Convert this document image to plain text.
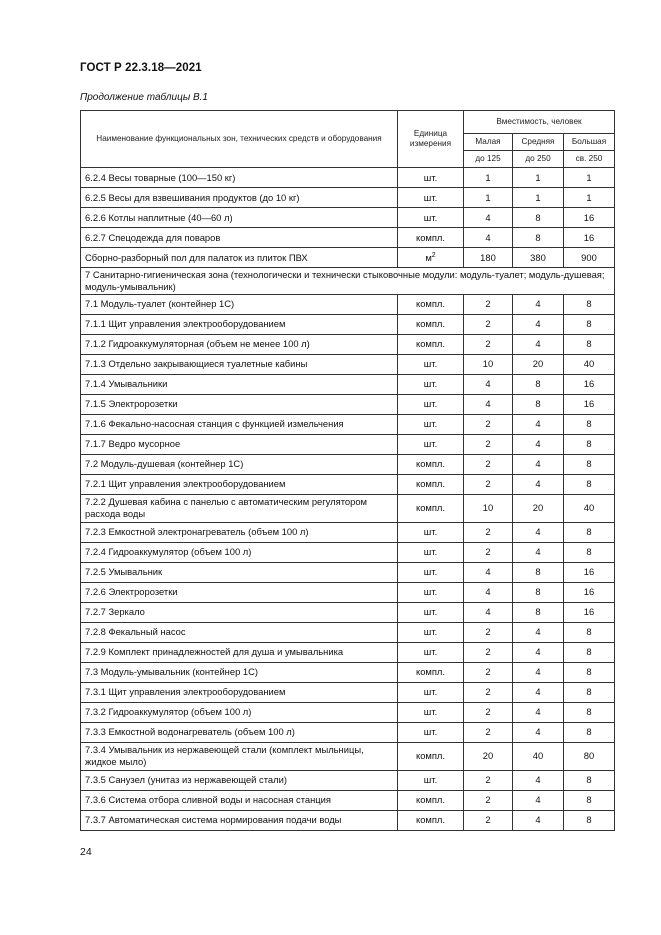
ГОСТ Р 22.3.18—2021
Продолжение таблицы В.1
Наименование функциональных зон, технических средств и оборудования	Единица измерения	Вместимость, человек		
		Малая	Средняя	Большая
		до 125	до 250	св. 250
6.2.4 Весы товарные (100—150 кг)	шт.	1	1	1
6.2.5 Весы для взвешивания продуктов (до 10 кг)	шт.	1	1	1
6.2.6 Котлы наплитные (40—60 л)	шт.	4	8	16
6.2.7 Спецодежда для поваров	компл.	4	8	16
Сборно-разборный пол для палаток из плиток ПВХ	$м^2$	180	380	900
7 Санитарно-гигиеническая зона (технологически и технически стыковочные модули: модуль-туалет; модуль-душевая; модуль-умывальник)				
7.1 Модуль-туалет (контейнер 1С)	компл.	2	4	8
7.1.1 Щит управления электрооборудованием	компл.	2	4	8
7.1.2 Гидроаккумуляторная (объем не менее 100 л)	компл.	2	4	8
7.1.3 Отдельно закрывающиеся туалетные кабины	шт.	10	20	40
7.1.4 Умывальники	шт.	4	8	16
7.1.5 Электророзетки	шт.	4	8	16
7.1.6 Фекально-насосная станция с функцией измельчения	шт.	2	4	8
7.1.7 Ведро мусорное	шт.	2	4	8
7.2 Модуль-душевая (контейнер 1С)	компл.	2	4	8
7.2.1 Щит управления электрооборудованием	компл.	2	4	8
7.2.2 Душевая кабина с панелью с автоматическим регулятором расхода воды	компл.	10	20	40
7.2.3 Емкостной электронагреватель (объем 100 л)	шт.	2	4	8
7.2.4 Гидроаккумулятор (объем 100 л)	шт.	2	4	8
7.2.5 Умывальник	шт.	4	8	16
7.2.6 Электророзетки	шт.	4	8	16
7.2.7 Зеркало	шт.	4	8	16
7.2.8 Фекальный насос	шт.	2	4	8
7.2.9 Комплект принадлежностей для душа и умывальника	шт.	2	4	8
7.3 Модуль-умывальник (контейнер 1С)	компл.	2	4	8
7.3.1 Щит управления электрооборудованием	шт.	2	4	8
7.3.2 Гидроаккумулятор (объем 100 л)	шт.	2	4	8
7.3.3 Емкостной водонагреватель (объем 100 л)	шт.	2	4	8
7.3.4 Умывальник из нержавеющей стали (комплект мыльницы, жидкое мыло)	компл.	20	40	80
7.3.5 Санузел (унитаз из нержавеющей стали)	шт.	2	4	8
7.3.6 Система отбора сливной воды и насосная станция	компл.	2	4	8
7.3.7 Автоматическая система нормирования подачи воды	компл.	2	4	8
24
